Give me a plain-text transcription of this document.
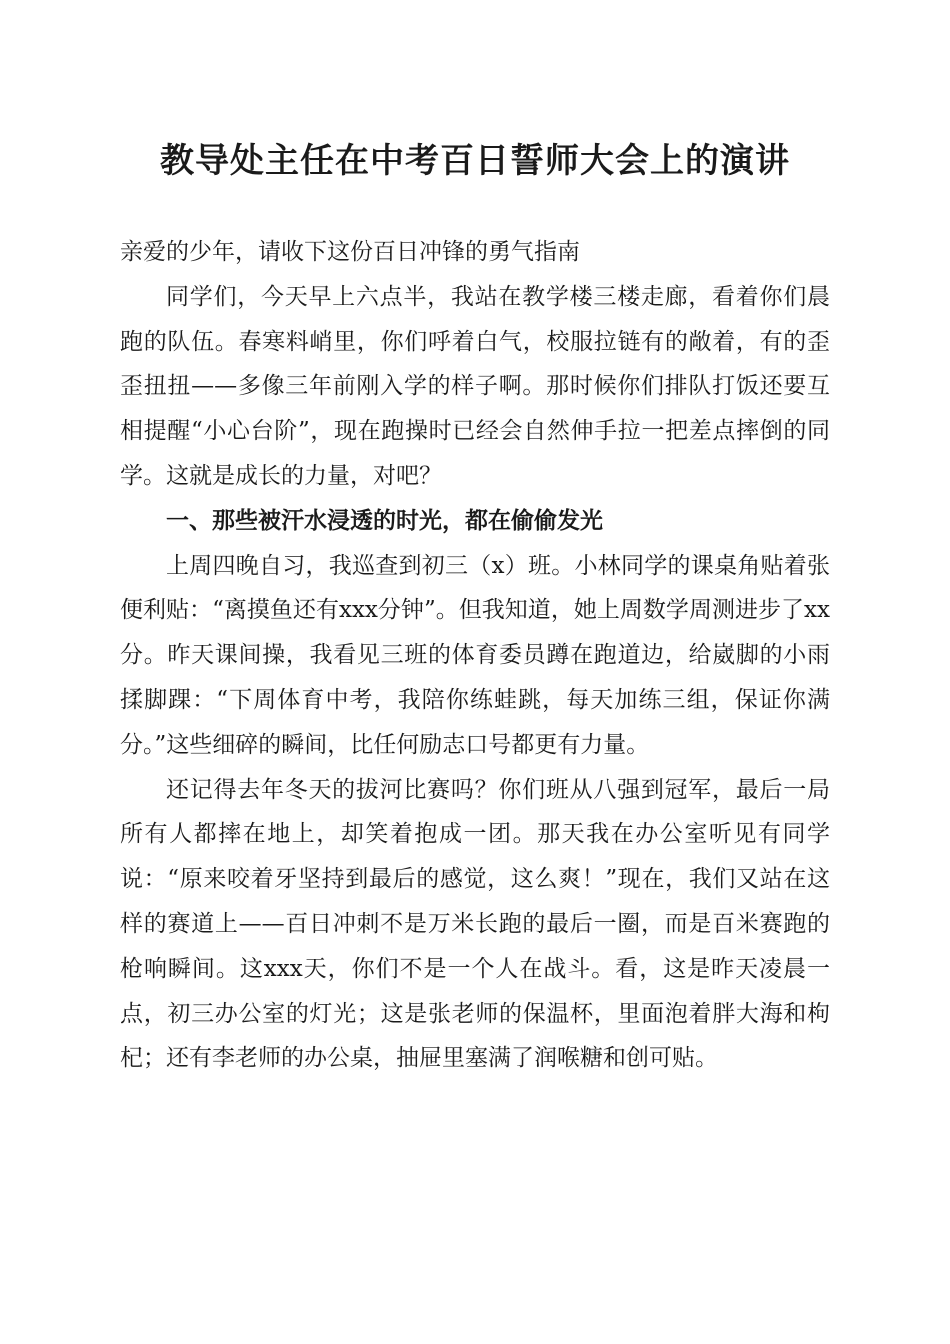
教导处主任在中考百日誓师大会上的演讲

亲爱的少年，请收下这份百日冲锋的勇气指南

同学们，今天早上六点半，我站在教学楼三楼走廊，看着你们晨跑的队伍。春寒料峭里，你们呼着白气，校服拉链有的敞着，有的歪歪扭扭——多像三年前刚入学的样子啊。那时候你们排队打饭还要互相提醒“小心台阶”，现在跑操时已经会自然伸手拉一把差点摔倒的同学。这就是成长的力量，对吧？

一、那些被汗水浸透的时光，都在偷偷发光

上周四晚自习，我巡查到初三（x）班。小林同学的课桌角贴着张便利贴：“离摸鱼还有xxx分钟”。但我知道，她上周数学周测进步了xx分。昨天课间操，我看见三班的体育委员蹲在跑道边，给崴脚的小雨揉脚踝：“下周体育中考，我陪你练蛙跳，每天加练三组，保证你满分。”这些细碎的瞬间，比任何励志口号都更有力量。

还记得去年冬天的拔河比赛吗？你们班从八强到冠军，最后一局所有人都摔在地上，却笑着抱成一团。那天我在办公室听见有同学说：“原来咬着牙坚持到最后的感觉，这么爽！”现在，我们又站在这样的赛道上——百日冲刺不是万米长跑的最后一圈，而是百米赛跑的枪响瞬间。这xxx天，你们不是一个人在战斗。看，这是昨天凌晨一点，初三办公室的灯光；这是张老师的保温杯，里面泡着胖大海和枸杞；还有李老师的办公桌，抽屉里塞满了润喉糖和创可贴。
